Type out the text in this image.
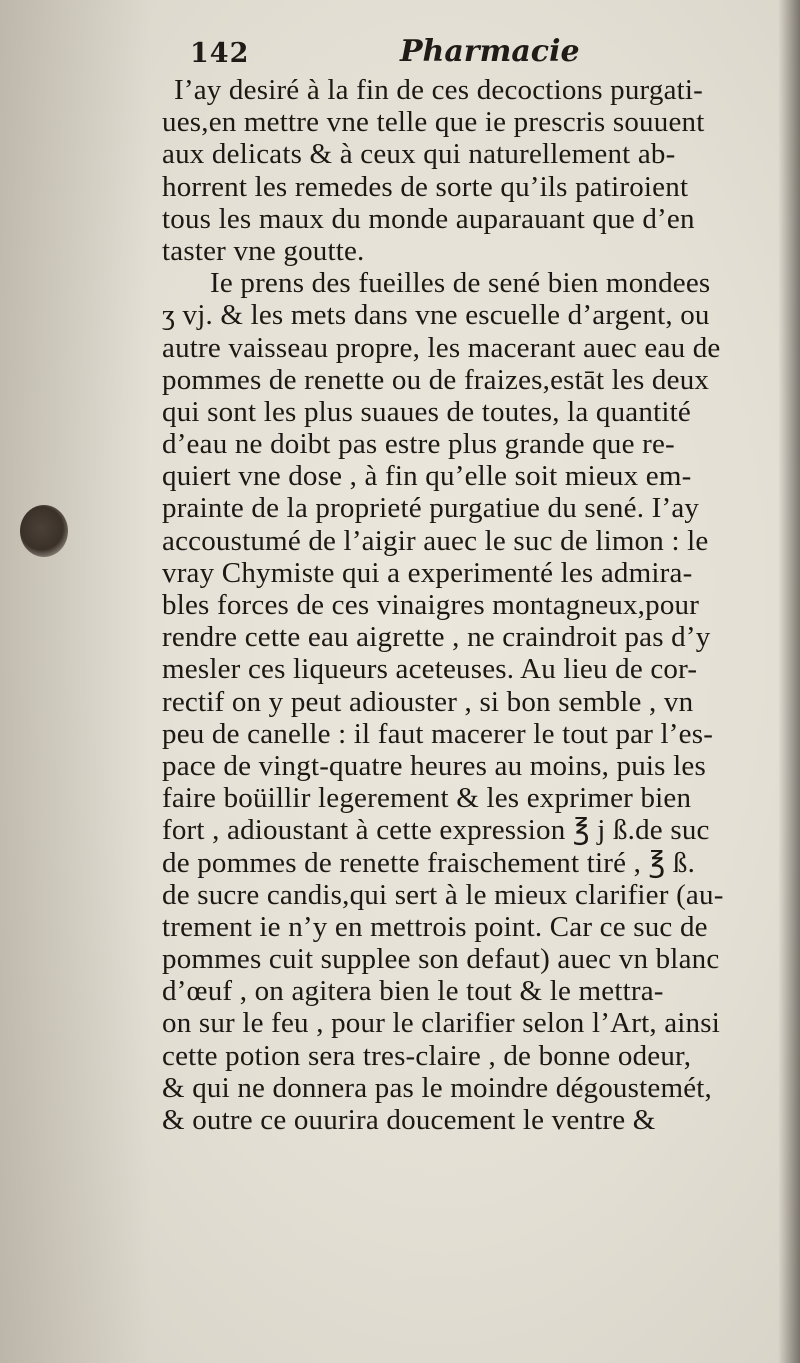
142	Pharmacie
I’ay desiré à la fin de ces decoctions purgati-
ues,en mettre vne telle que ie prescris souuent
aux delicats & à ceux qui naturellement ab-
horrent les remedes de sorte qu’ils patiroient
tous les maux du monde auparauant que d’en
taster vne goutte.
Ie prens des fueilles de sené bien mondees
ʒ vj. & les mets dans vne escuelle d’argent, ou
autre vaisseau propre, les macerant auec eau de
pommes de renette ou de fraizes,estāt les deux
qui sont les plus suaues de toutes, la quantité
d’eau ne doibt pas estre plus grande que re-
quiert vne dose , à fin qu’elle soit mieux em-
prainte de la proprieté purgatiue du sené. I’ay
accoustumé de l’aigir auec le suc de limon : le
vray Chymiste qui a experimenté les admira-
bles forces de ces vinaigres montagneux,pour
rendre cette eau aigrette , ne craindroit pas d’y
mesler ces liqueurs aceteuses. Au lieu de cor-
rectif on y peut adiouster , si bon semble , vn
peu de canelle : il faut macerer le tout par l’es-
pace de vingt-quatre heures au moins, puis les
faire boüillir legerement & les exprimer bien
fort , adioustant à cette expression ℥ j ß.de suc
de pommes de renette fraischement tiré , ℥ ß.
de sucre candis,qui sert à le mieux clarifier (au-
trement ie n’y en mettrois point. Car ce suc de
pommes cuit supplee son defaut) auec vn blanc
d’œuf , on agitera bien le tout & le mettra-
on sur le feu , pour le clarifier selon l’Art, ainsi
cette potion sera tres-claire , de bonne odeur,
& qui ne donnera pas le moindre dégoustemét,
& outre ce ouurira doucement le ventre &
